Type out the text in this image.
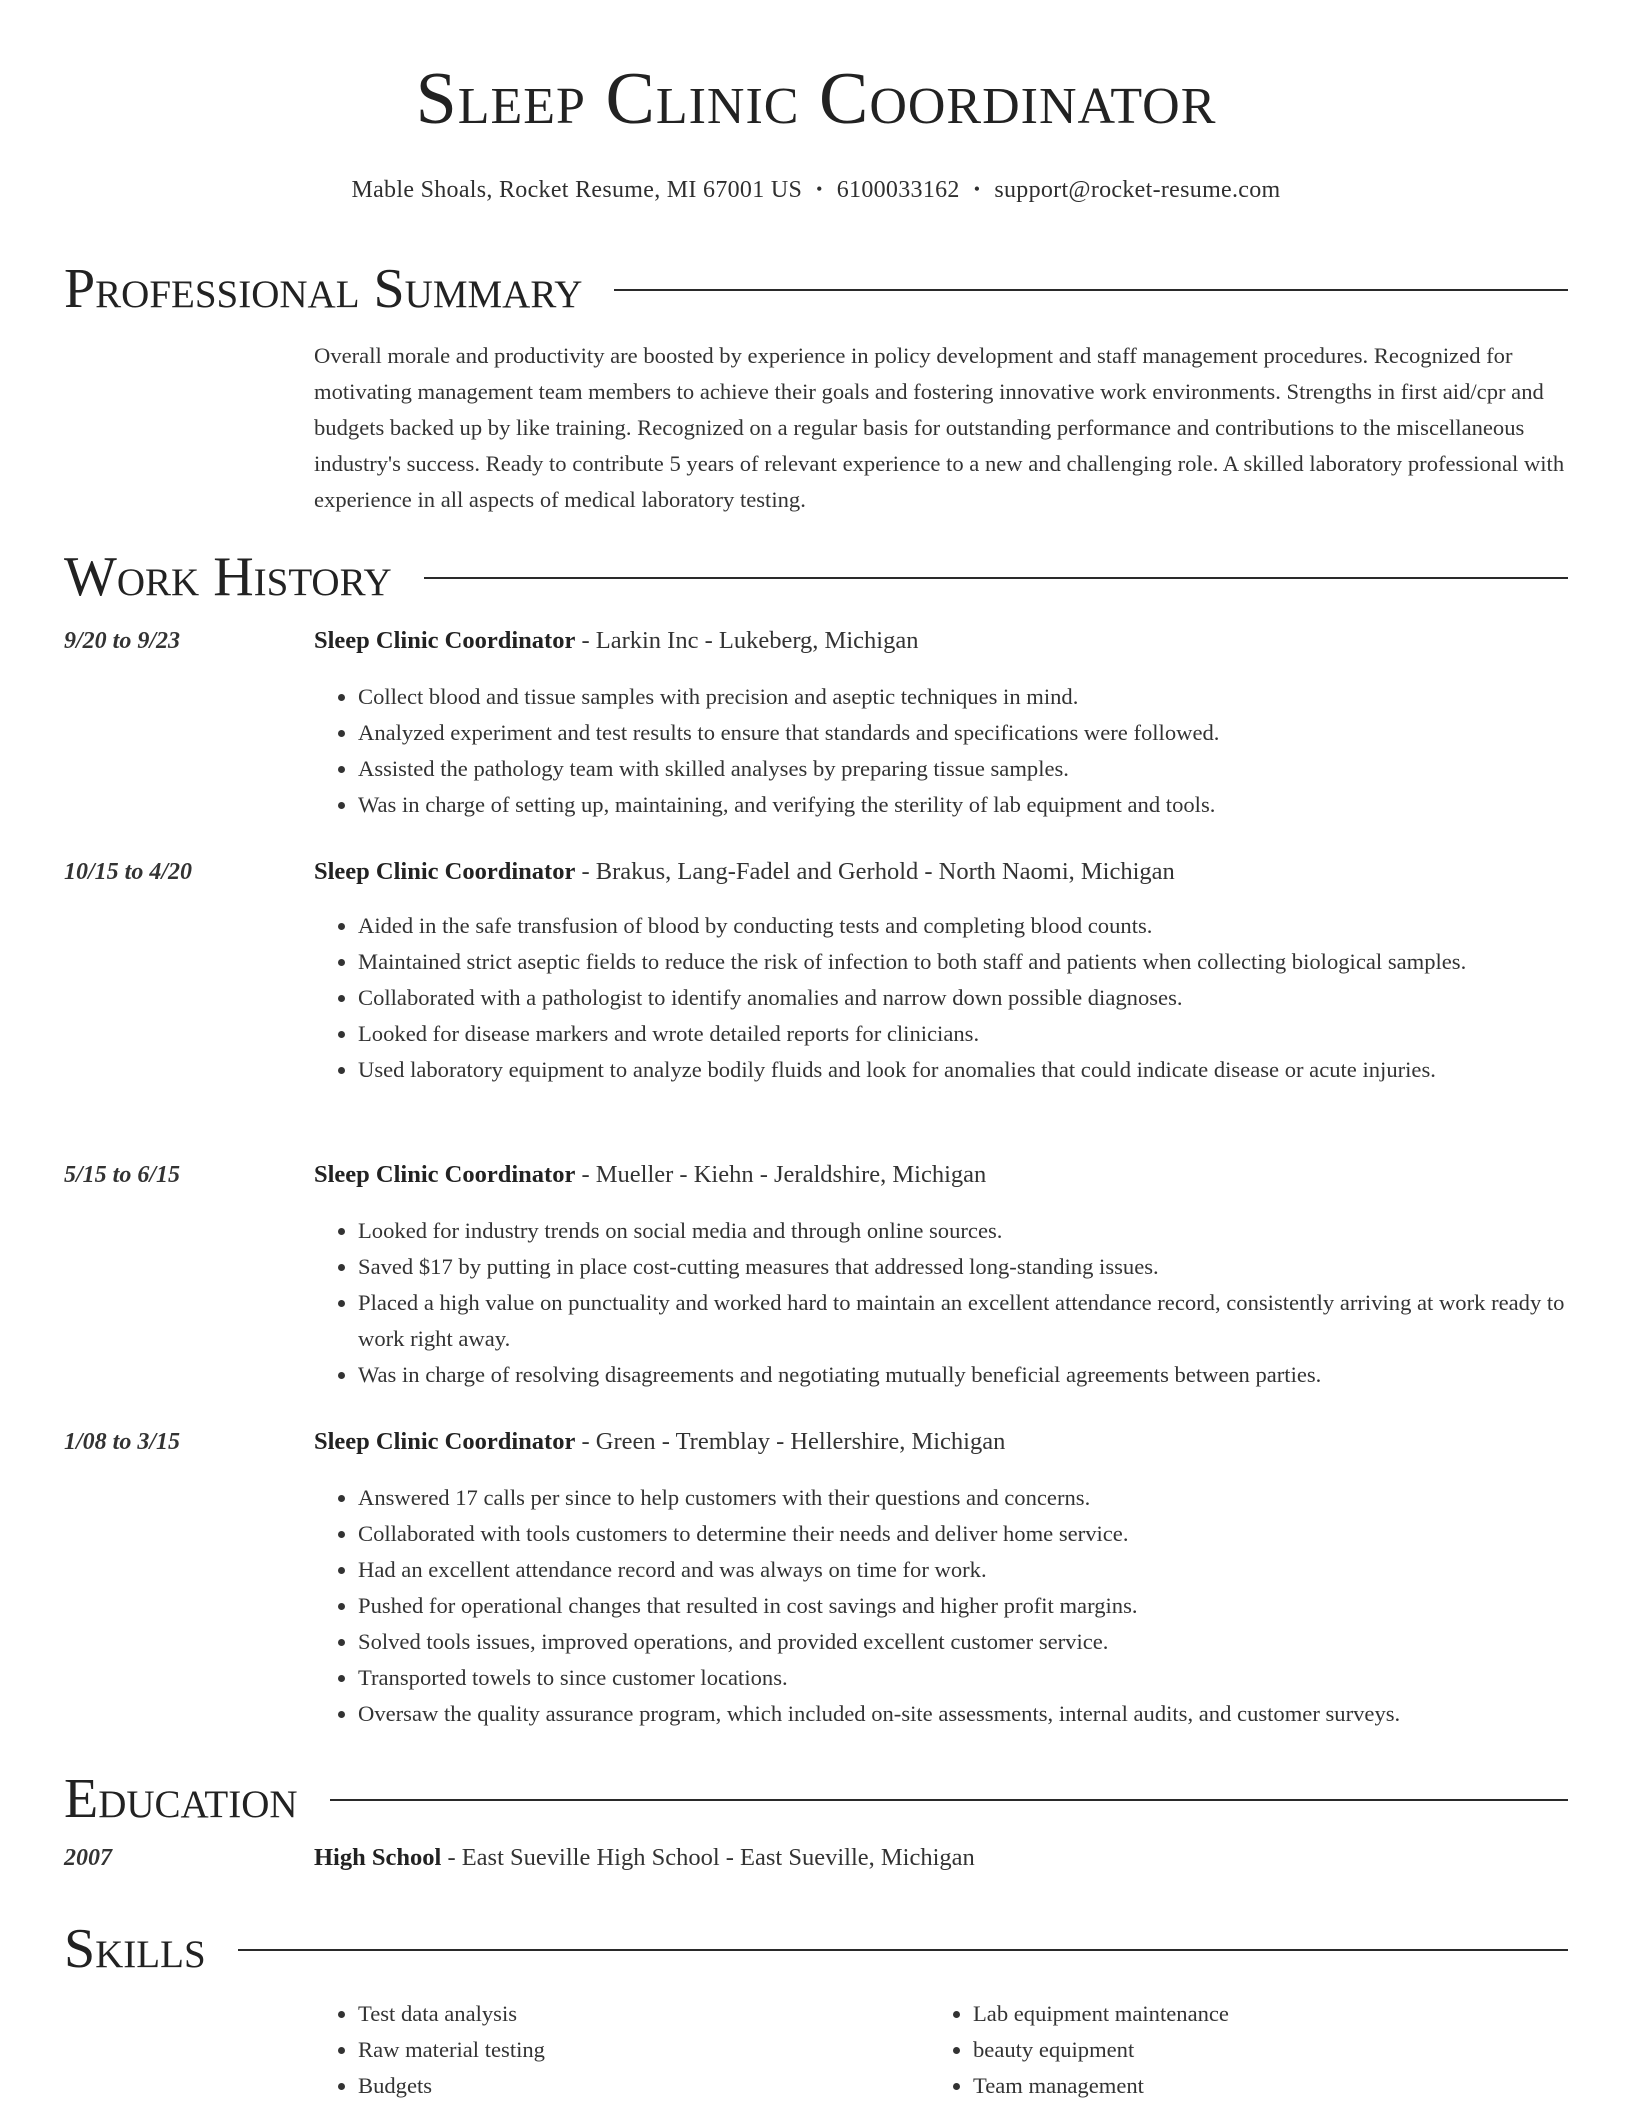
Sleep Clinic Coordinator
Mable Shoals, Rocket Resume, MI 67001 US • 6100033162 • support@rocket-resume.com
Professional Summary
Overall morale and productivity are boosted by experience in policy development and staff management procedures. Recognized for motivating management team members to achieve their goals and fostering innovative work environments. Strengths in first aid/cpr and budgets backed up by like training. Recognized on a regular basis for outstanding performance and contributions to the miscellaneous industry's success. Ready to contribute 5 years of relevant experience to a new and challenging role. A skilled laboratory professional with experience in all aspects of medical laboratory testing.
Work History
9/20 to 9/23	Sleep Clinic Coordinator - Larkin Inc - Lukeberg, Michigan
• Collect blood and tissue samples with precision and aseptic techniques in mind.
• Analyzed experiment and test results to ensure that standards and specifications were followed.
• Assisted the pathology team with skilled analyses by preparing tissue samples.
• Was in charge of setting up, maintaining, and verifying the sterility of lab equipment and tools.
10/15 to 4/20	Sleep Clinic Coordinator - Brakus, Lang-Fadel and Gerhold - North Naomi, Michigan
• Aided in the safe transfusion of blood by conducting tests and completing blood counts.
• Maintained strict aseptic fields to reduce the risk of infection to both staff and patients when collecting biological samples.
• Collaborated with a pathologist to identify anomalies and narrow down possible diagnoses.
• Looked for disease markers and wrote detailed reports for clinicians.
• Used laboratory equipment to analyze bodily fluids and look for anomalies that could indicate disease or acute injuries.
5/15 to 6/15	Sleep Clinic Coordinator - Mueller - Kiehn - Jeraldshire, Michigan
• Looked for industry trends on social media and through online sources.
• Saved $17 by putting in place cost-cutting measures that addressed long-standing issues.
• Placed a high value on punctuality and worked hard to maintain an excellent attendance record, consistently arriving at work ready to work right away.
• Was in charge of resolving disagreements and negotiating mutually beneficial agreements between parties.
1/08 to 3/15	Sleep Clinic Coordinator - Green - Tremblay - Hellershire, Michigan
• Answered 17 calls per since to help customers with their questions and concerns.
• Collaborated with tools customers to determine their needs and deliver home service.
• Had an excellent attendance record and was always on time for work.
• Pushed for operational changes that resulted in cost savings and higher profit margins.
• Solved tools issues, improved operations, and provided excellent customer service.
• Transported towels to since customer locations.
• Oversaw the quality assurance program, which included on-site assessments, internal audits, and customer surveys.
Education
2007	High School - East Sueville High School - East Sueville, Michigan
Skills
• Test data analysis
• Raw material testing
• Budgets
• Lab equipment maintenance
• beauty equipment
• Team management
